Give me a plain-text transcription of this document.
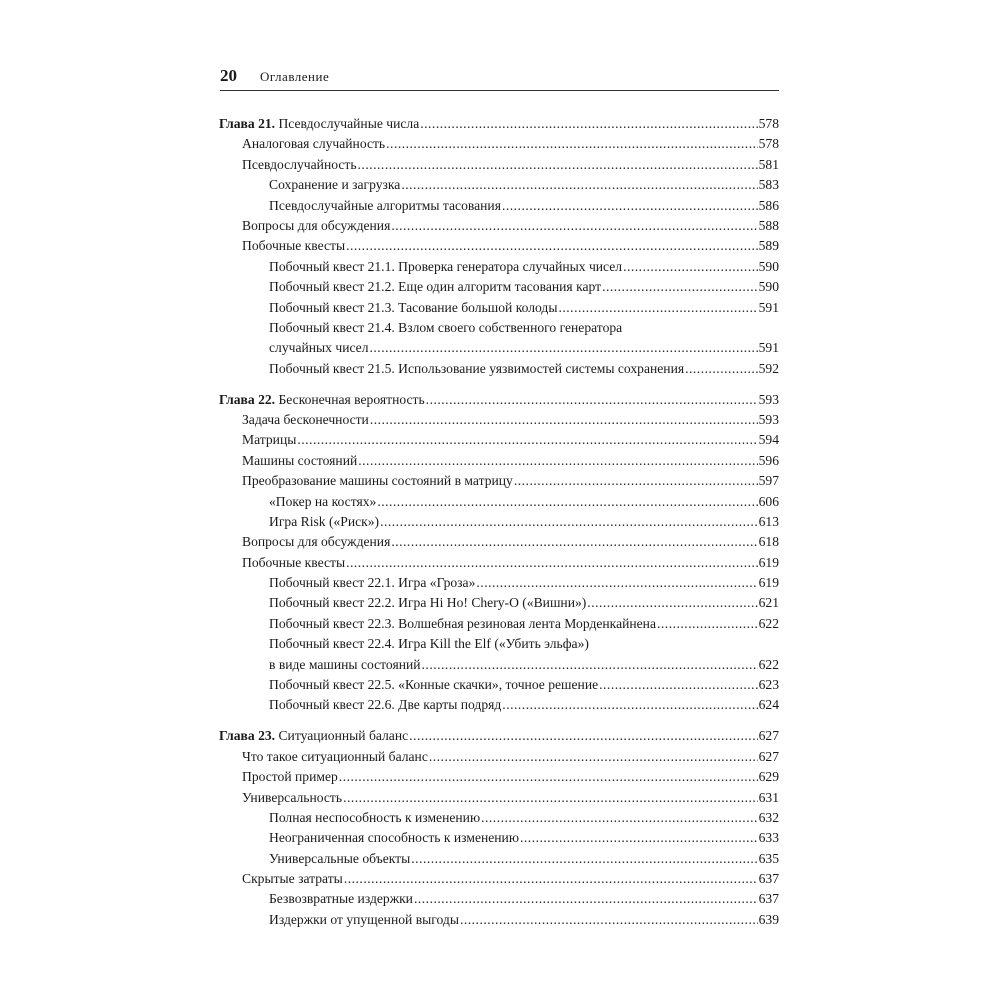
20 Оглавление
Глава 21. Псевдослучайные числа .....	578
Аналоговая случайность .....	578
Псевдослучайность .....	581
Сохранение и загрузка .....	583
Псевдослучайные алгоритмы тасования .....	586
Вопросы для обсуждения .....	588
Побочные квесты .....	589
Побочный квест 21.1. Проверка генератора случайных чисел .....	590
Побочный квест 21.2. Еще один алгоритм тасования карт .....	590
Побочный квест 21.3. Тасование большой колоды .....	591
Побочный квест 21.4. Взлом своего собственного генератора
случайных чисел .....	591
Побочный квест 21.5. Использование уязвимостей системы сохранения .....	592
Глава 22. Бесконечная вероятность .....	593
Задача бесконечности .....	593
Матрицы .....	594
Машины состояний .....	596
Преобразование машины состояний в матрицу .....	597
«Покер на костях» .....	606
Игра Risk («Риск») .....	613
Вопросы для обсуждения .....	618
Побочные квесты .....	619
Побочный квест 22.1. Игра «Гроза» .....	619
Побочный квест 22.2. Игра Hi Ho! Chery-O («Вишни») .....	621
Побочный квест 22.3. Волшебная резиновая лента Морденкайнена .....	622
Побочный квест 22.4. Игра Kill the Elf («Убить эльфа»)
в виде машины состояний .....	622
Побочный квест 22.5. «Конные скачки», точное решение .....	623
Побочный квест 22.6. Две карты подряд .....	624
Глава 23. Ситуационный баланс .....	627
Что такое ситуационный баланс .....	627
Простой пример .....	629
Универсальность .....	631
Полная неспособность к изменению .....	632
Неограниченная способность к изменению .....	633
Универсальные объекты .....	635
Скрытые затраты .....	637
Безвозвратные издержки .....	637
Издержки от упущенной выгоды .....	639
